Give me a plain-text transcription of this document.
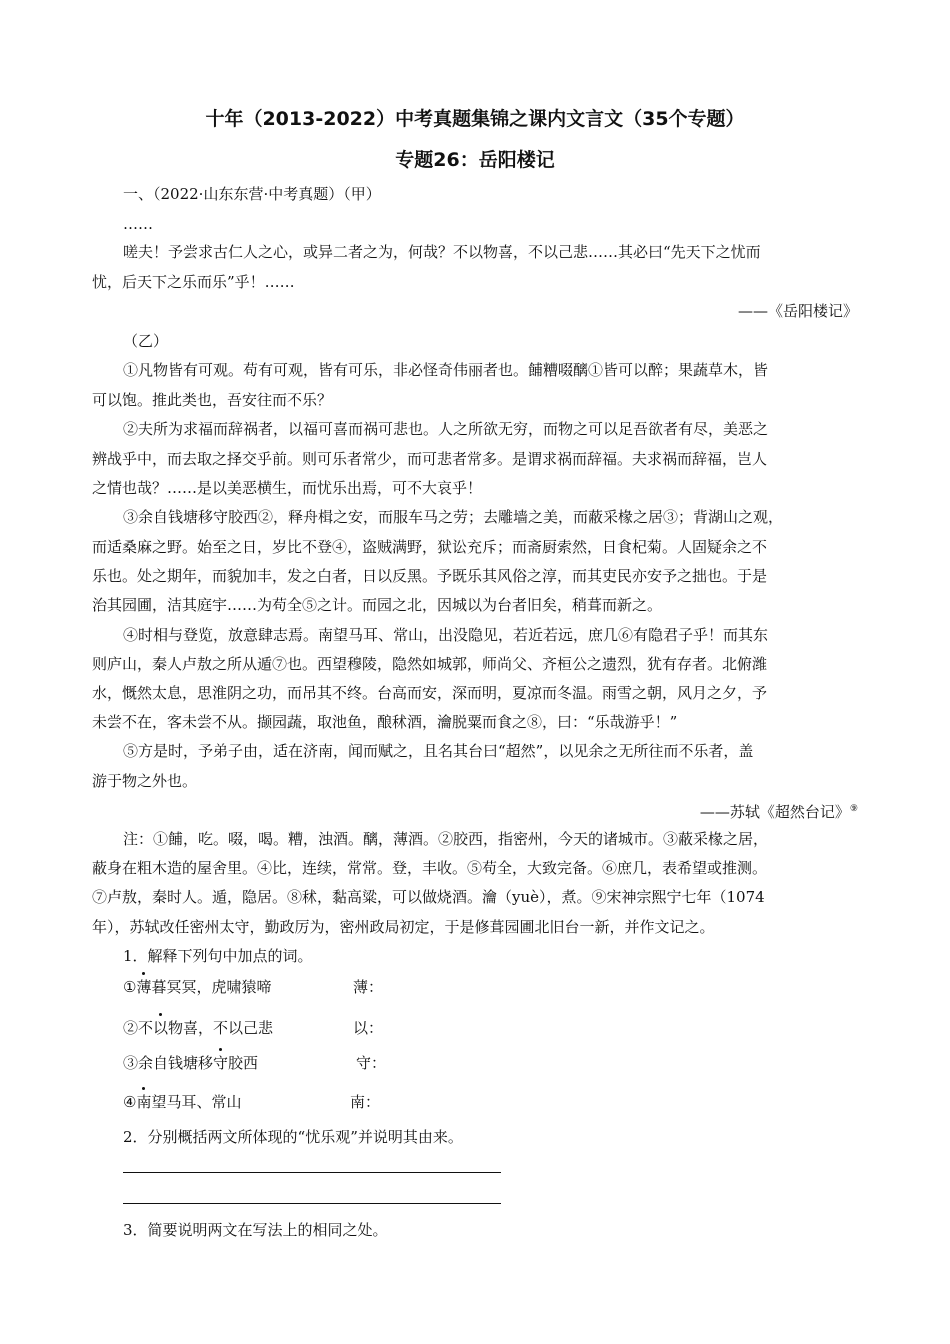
十年（2013-2022）中考真题集锦之课内文言文（35个专题）
专题26：岳阳楼记
一、（2022·山东东营·中考真题）（甲）
……
嗟夫！予尝求古仁人之心，或异二者之为，何哉？不以物喜，不以己悲……其必曰“先天下之忧而
忧，后天下之乐而乐”乎！……
——《岳阳楼记》
（乙）
①凡物皆有可观。苟有可观，皆有可乐，非必怪奇伟丽者也。餔糟啜醨①皆可以醉；果蔬草木，皆
可以饱。推此类也，吾安往而不乐？
②夫所为求福而辞祸者，以福可喜而祸可悲也。人之所欲无穷，而物之可以足吾欲者有尽，美恶之
辨战乎中，而去取之择交乎前。则可乐者常少，而可悲者常多。是谓求祸而辞福。夫求祸而辞福，岂人
之情也哉？……是以美恶横生，而忧乐出焉，可不大哀乎！
③余自钱塘移守胶西②，释舟楫之安，而服车马之劳；去雕墙之美，而蔽采椽之居③；背湖山之观，
而适桑麻之野。始至之日，岁比不登④，盗贼满野，狱讼充斥；而斋厨索然，日食杞菊。人固疑余之不
乐也。处之期年，而貌加丰，发之白者，日以反黑。予既乐其风俗之淳，而其吏民亦安予之拙也。于是
治其园圃，洁其庭宇……为苟全⑤之计。而园之北，因城以为台者旧矣，稍葺而新之。
④时相与登览，放意肆志焉。南望马耳、常山，出没隐见，若近若远，庶几⑥有隐君子乎！而其东
则庐山，秦人卢敖之所从遁⑦也。西望穆陵，隐然如城郭，师尚父、齐桓公之遗烈，犹有存者。北俯潍
水，慨然太息，思淮阴之功，而吊其不终。台高而安，深而明，夏凉而冬温。雨雪之朝，风月之夕，予
未尝不在，客未尝不从。撷园蔬，取池鱼，酿秫酒，瀹脱粟而食之⑧，曰：“乐哉游乎！”
⑤方是时，予弟子由，适在济南，闻而赋之，且名其台曰“超然”，以见余之无所往而不乐者，盖
游于物之外也。
——苏轼《超然台记》⑨
注：①餔，吃。啜，喝。糟，浊酒。醨，薄酒。②胶西，指密州，今天的诸城市。③蔽采椽之居，
蔽身在粗木造的屋舍里。④比，连续，常常。登，丰收。⑤苟全，大致完备。⑥庶几，表希望或推测。
⑦卢敖，秦时人。遁，隐居。⑧秫，黏高粱，可以做烧酒。瀹（yuè），煮。⑨宋神宗熙宁七年（1074
年），苏轼改任密州太守，勤政厉为，密州政局初定，于是修葺园圃北旧台一新，并作文记之。
1．解释下列句中加点的词。
①薄暮冥冥，虎啸猿啼	薄：
②不以物喜，不以己悲	以：
③余自钱塘移守胶西	守：
④南望马耳、常山	南：
2．分别概括两文所体现的“忧乐观”并说明其由来。
3．简要说明两文在写法上的相同之处。
